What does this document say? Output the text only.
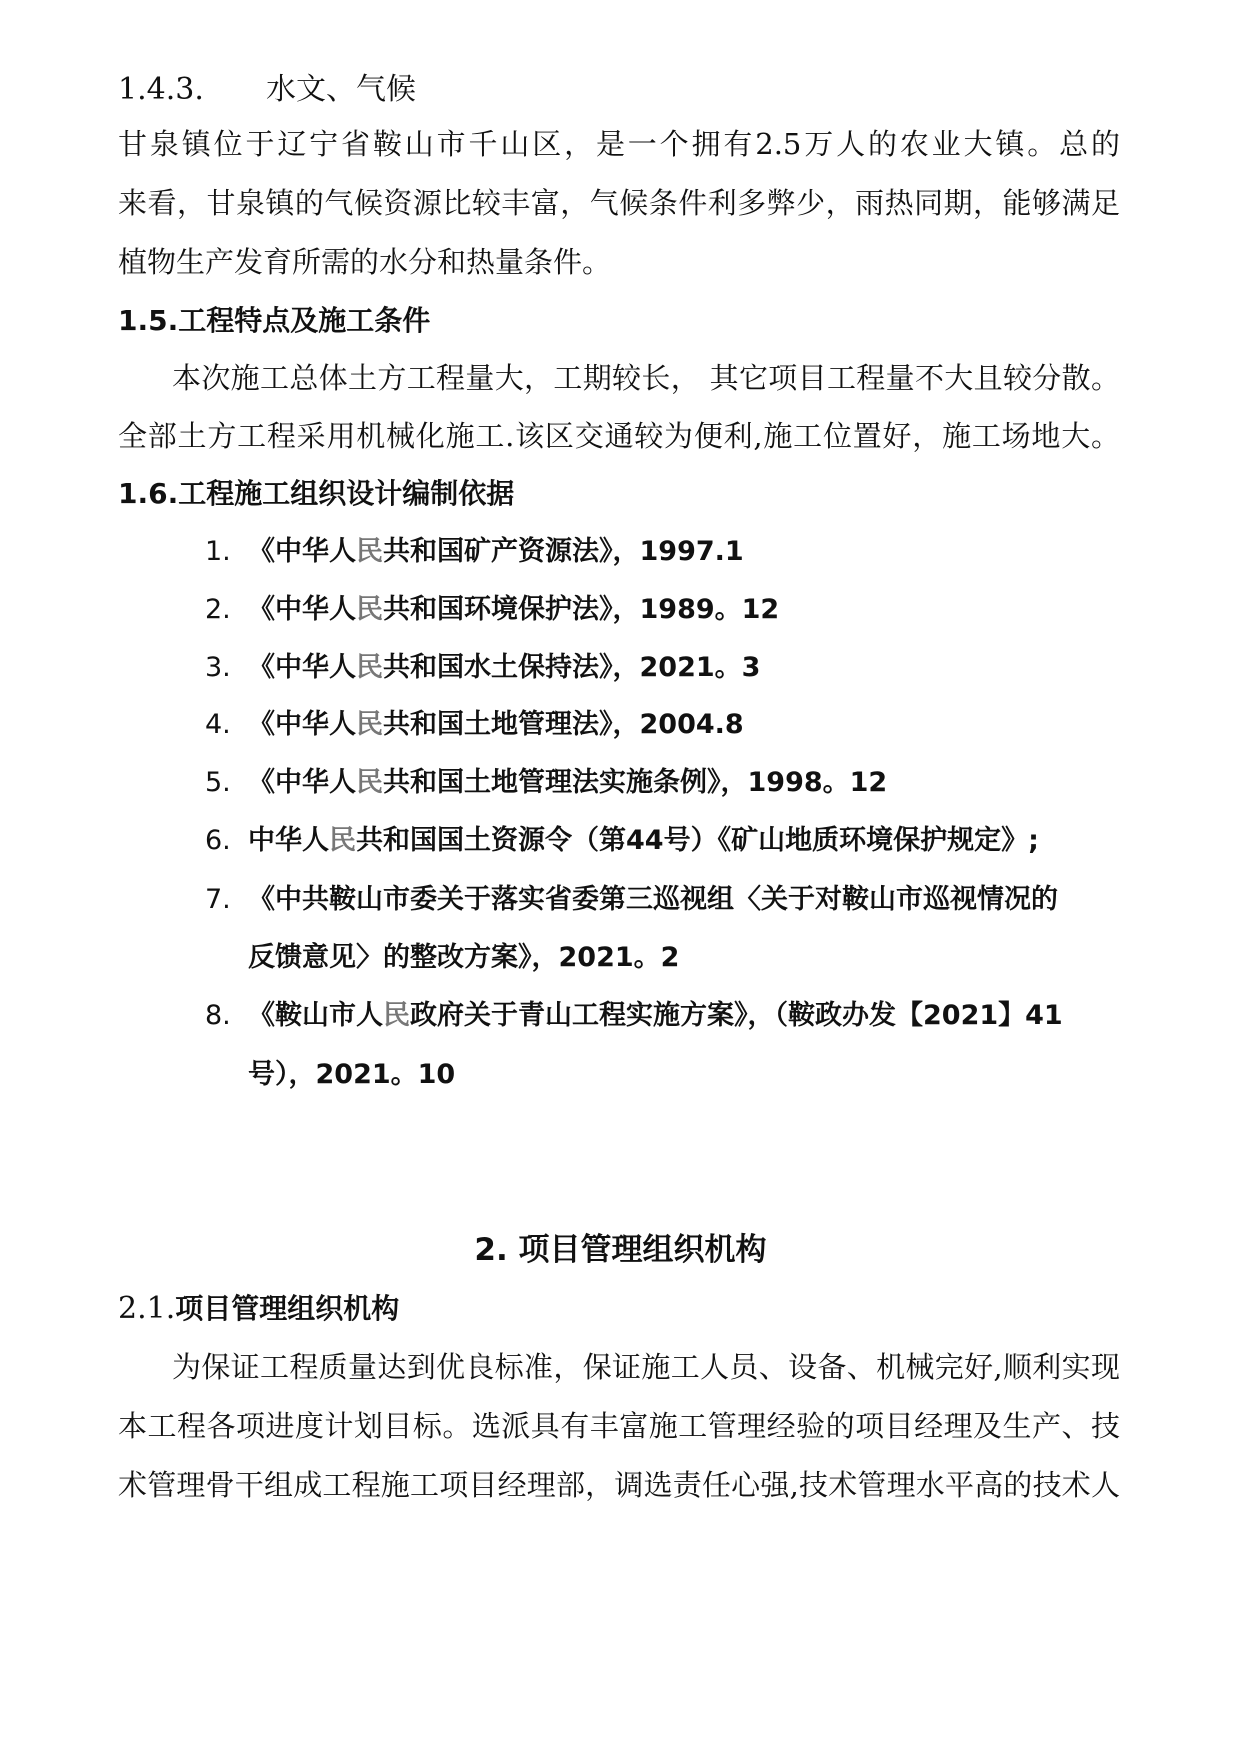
1.4.3. 水文、气候
甘泉镇位于辽宁省鞍山市千山区，是一个拥有2.5万人的农业大镇。总的
来看，甘泉镇的气候资源比较丰富，气候条件利多弊少，雨热同期，能够满足
植物生产发育所需的水分和热量条件。
1.5.工程特点及施工条件
本次施工总体土方工程量大，工期较长， 其它项目工程量不大且较分散。
全部土方工程采用机械化施工.该区交通较为便利,施工位置好，施工场地大。
1.6.工程施工组织设计编制依据
1. 《中华人民共和国矿产资源法》，1997.1
2. 《中华人民共和国环境保护法》，1989。12
3. 《中华人民共和国水土保持法》，2021。3
4. 《中华人民共和国土地管理法》，2004.8
5. 《中华人民共和国土地管理法实施条例》，1998。12
6. 中华人民共和国国土资源令（第44号）《矿山地质环境保护规定》;
7. 《中共鞍山市委关于落实省委第三巡视组〈关于对鞍山市巡视情况的
反馈意见〉的整改方案》，2021。2
8. 《鞍山市人民政府关于青山工程实施方案》，（鞍政办发【2021】41
号），2021。10
2. 项目管理组织机构
2.1.项目管理组织机构
为保证工程质量达到优良标准，保证施工人员、设备、机械完好,顺利实现
本工程各项进度计划目标。选派具有丰富施工管理经验的项目经理及生产、技
术管理骨干组成工程施工项目经理部，调选责任心强,技术管理水平高的技术人
